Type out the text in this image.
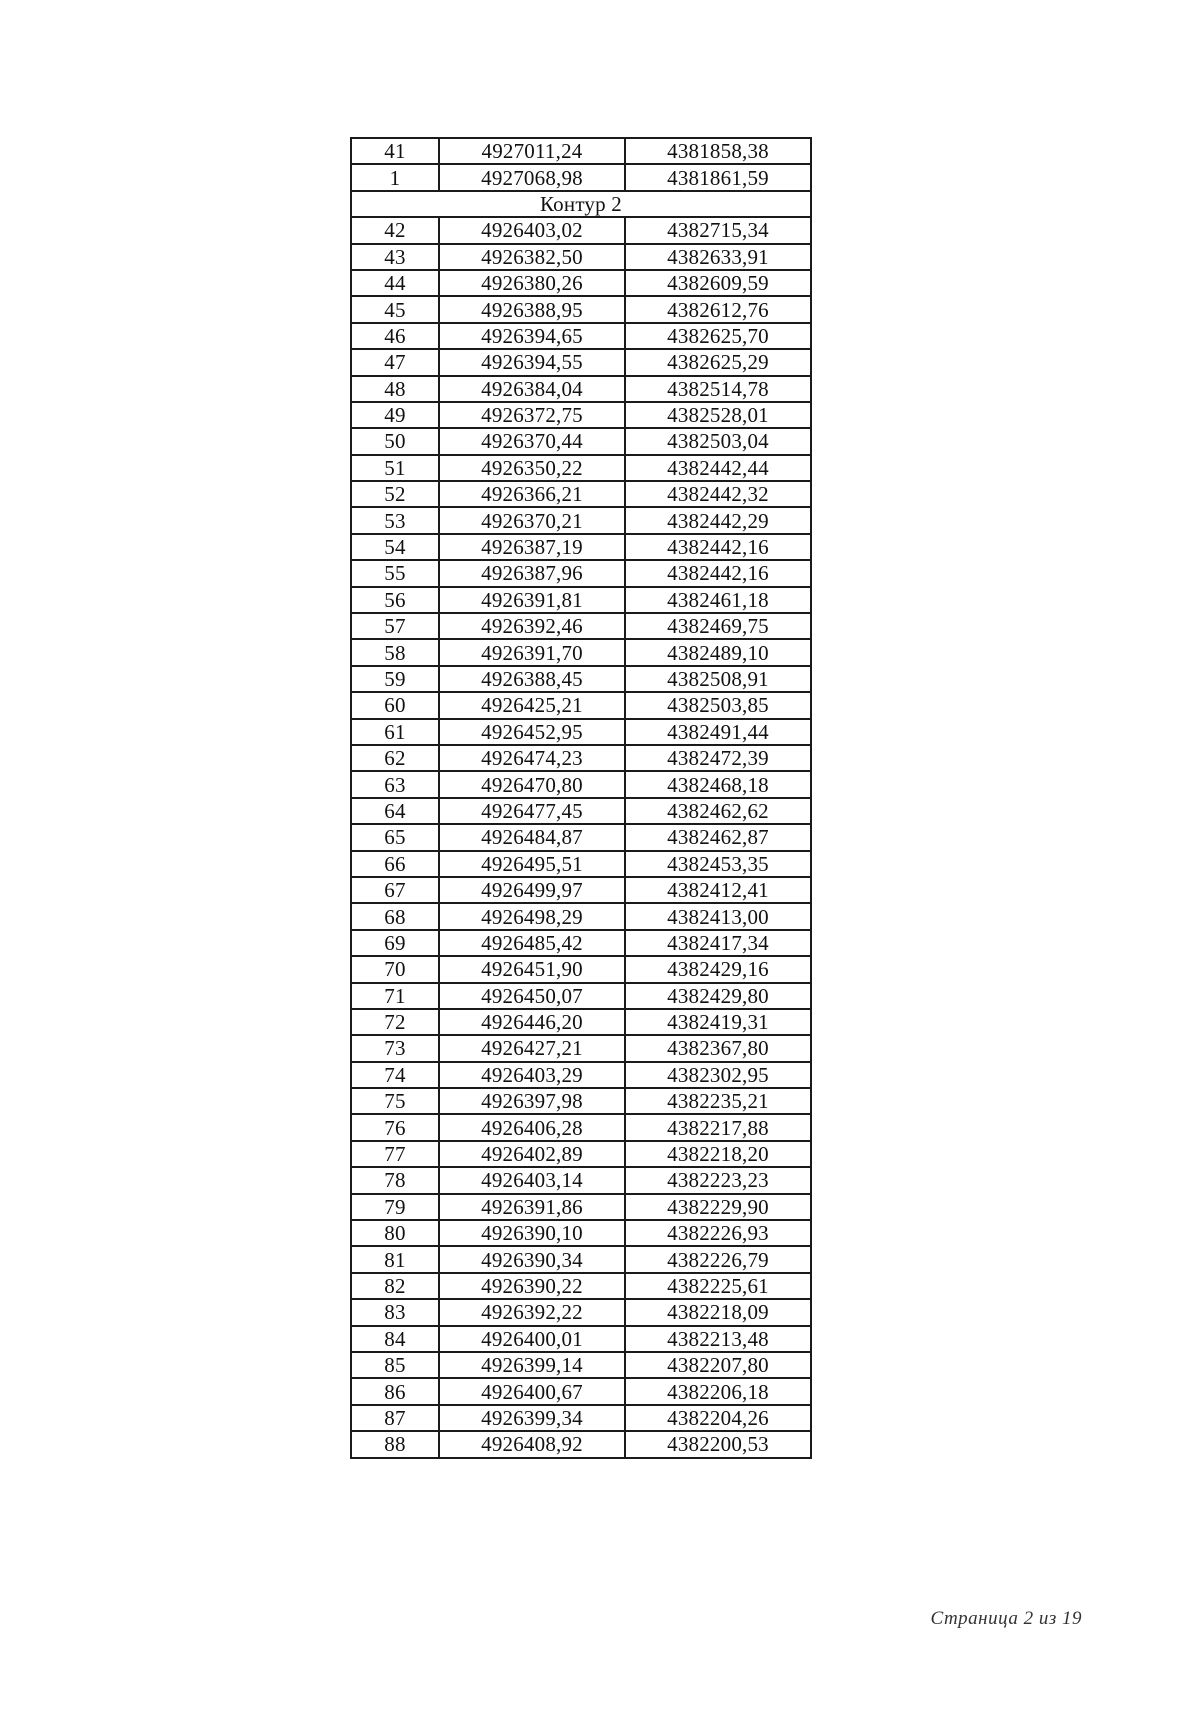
41	4927011,24	4381858,38
1	4927068,98	4381861,59
Контур 2		
42	4926403,02	4382715,34
43	4926382,50	4382633,91
44	4926380,26	4382609,59
45	4926388,95	4382612,76
46	4926394,65	4382625,70
47	4926394,55	4382625,29
48	4926384,04	4382514,78
49	4926372,75	4382528,01
50	4926370,44	4382503,04
51	4926350,22	4382442,44
52	4926366,21	4382442,32
53	4926370,21	4382442,29
54	4926387,19	4382442,16
55	4926387,96	4382442,16
56	4926391,81	4382461,18
57	4926392,46	4382469,75
58	4926391,70	4382489,10
59	4926388,45	4382508,91
60	4926425,21	4382503,85
61	4926452,95	4382491,44
62	4926474,23	4382472,39
63	4926470,80	4382468,18
64	4926477,45	4382462,62
65	4926484,87	4382462,87
66	4926495,51	4382453,35
67	4926499,97	4382412,41
68	4926498,29	4382413,00
69	4926485,42	4382417,34
70	4926451,90	4382429,16
71	4926450,07	4382429,80
72	4926446,20	4382419,31
73	4926427,21	4382367,80
74	4926403,29	4382302,95
75	4926397,98	4382235,21
76	4926406,28	4382217,88
77	4926402,89	4382218,20
78	4926403,14	4382223,23
79	4926391,86	4382229,90
80	4926390,10	4382226,93
81	4926390,34	4382226,79
82	4926390,22	4382225,61
83	4926392,22	4382218,09
84	4926400,01	4382213,48
85	4926399,14	4382207,80
86	4926400,67	4382206,18
87	4926399,34	4382204,26
88	4926408,92	4382200,53
Страница 2 из 19
